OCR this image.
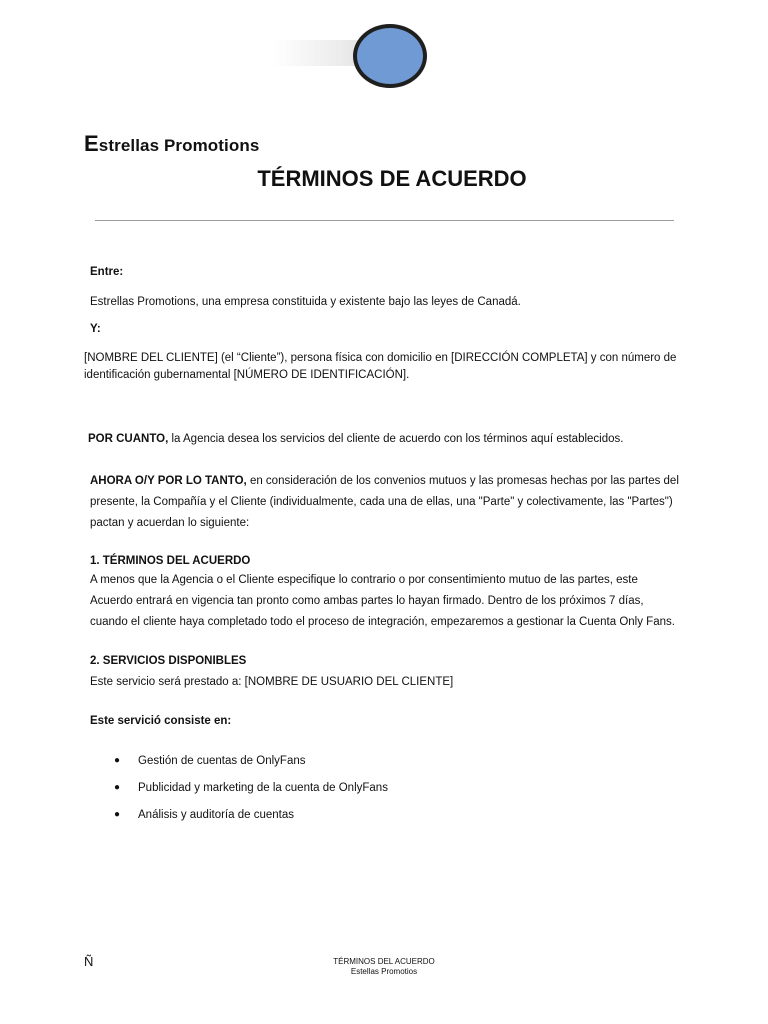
Estrellas Promotions
TÉRMINOS DE ACUERDO
Entre:
Estrellas Promotions, una empresa constituida y existente bajo las leyes de Canadá.
Y:
[NOMBRE DEL CLIENTE] (el “Cliente”), persona física con domicilio en [DIRECCIÓN COMPLETA] y con número de
identificación gubernamental [NÚMERO DE IDENTIFICACIÓN].
POR CUANTO, la Agencia desea los servicios del cliente de acuerdo con los términos aquí establecidos.
AHORA O/Y POR LO TANTO, en consideración de los convenios mutuos y las promesas hechas por las partes del
presente, la Compañía y el Cliente (individualmente, cada una de ellas, una "Parte" y colectivamente, las "Partes")
pactan y acuerdan lo siguiente:
1. TÉRMINOS DEL ACUERDO
A menos que la Agencia o el Cliente especifique lo contrario o por consentimiento mutuo de las partes, este
Acuerdo entrará en vigencia tan pronto como ambas partes lo hayan firmado. Dentro de los próximos 7 días,
cuando el cliente haya completado todo el proceso de integración, empezaremos a gestionar la Cuenta Only Fans.
2. SERVICIOS DISPONIBLES
Este servicio será prestado a: [NOMBRE DE USUARIO DEL CLIENTE]
Este servició consiste en:
● Gestión de cuentas de OnlyFans
● Publicidad y marketing de la cuenta de OnlyFans
● Análisis y auditoría de cuentas
Ñ	TÉRMINOS DEL ACUERDO
Estellas Promotios
